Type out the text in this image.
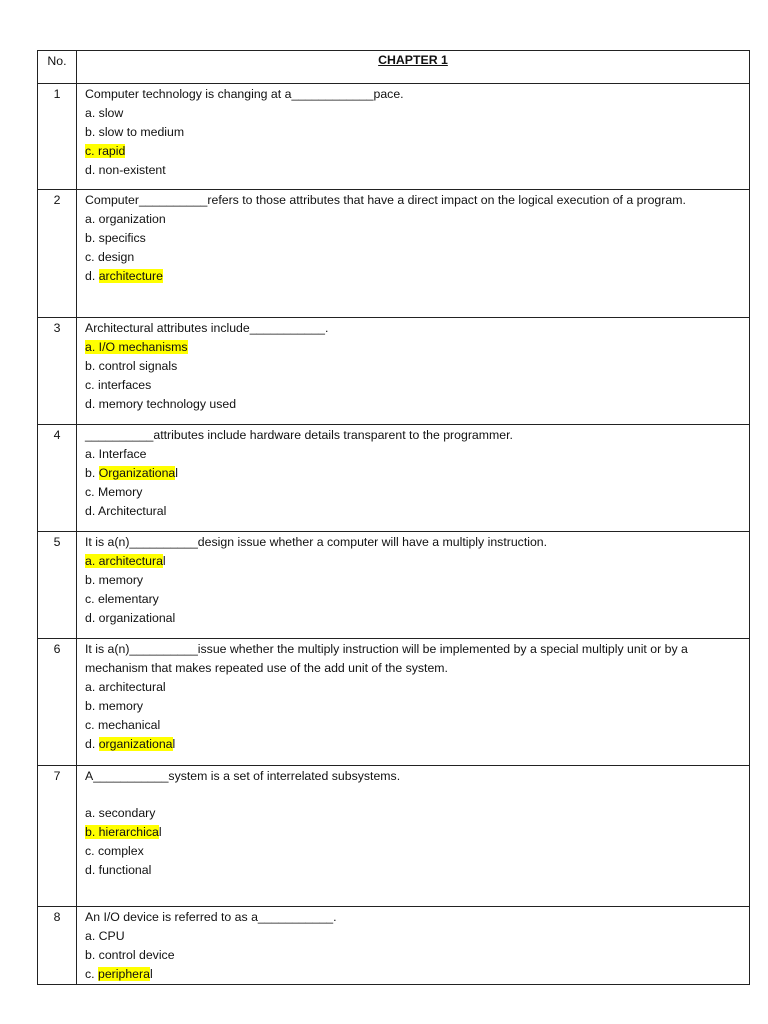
No.	CHAPTER 1
1	Computer technology is changing at a____________pace.
a. slow
b. slow to medium
c. rapid
d. non-existent

2	Computer__________refers to those attributes that have a direct impact on the logical execution of a program.
a. organization
b. specifics
c. design
d. architecture

3	Architectural attributes include___________.
a. I/O mechanisms
b. control signals
c. interfaces
d. memory technology used

4	__________attributes include hardware details transparent to the programmer.
a. Interface
b. Organizational
c. Memory
d. Architectural

5	It is a(n)__________design issue whether a computer will have a multiply instruction.
a. architectural
b. memory
c. elementary
d. organizational

6	It is a(n)__________issue whether the multiply instruction will be implemented by a special multiply unit or by a mechanism that makes repeated use of the add unit of the system.
a. architectural
b. memory
c. mechanical
d. organizational

7	A___________system is a set of interrelated subsystems.
a. secondary
b. hierarchical
c. complex
d. functional

8	An I/O device is referred to as a___________.
a. CPU
b. control device
c. peripheral
